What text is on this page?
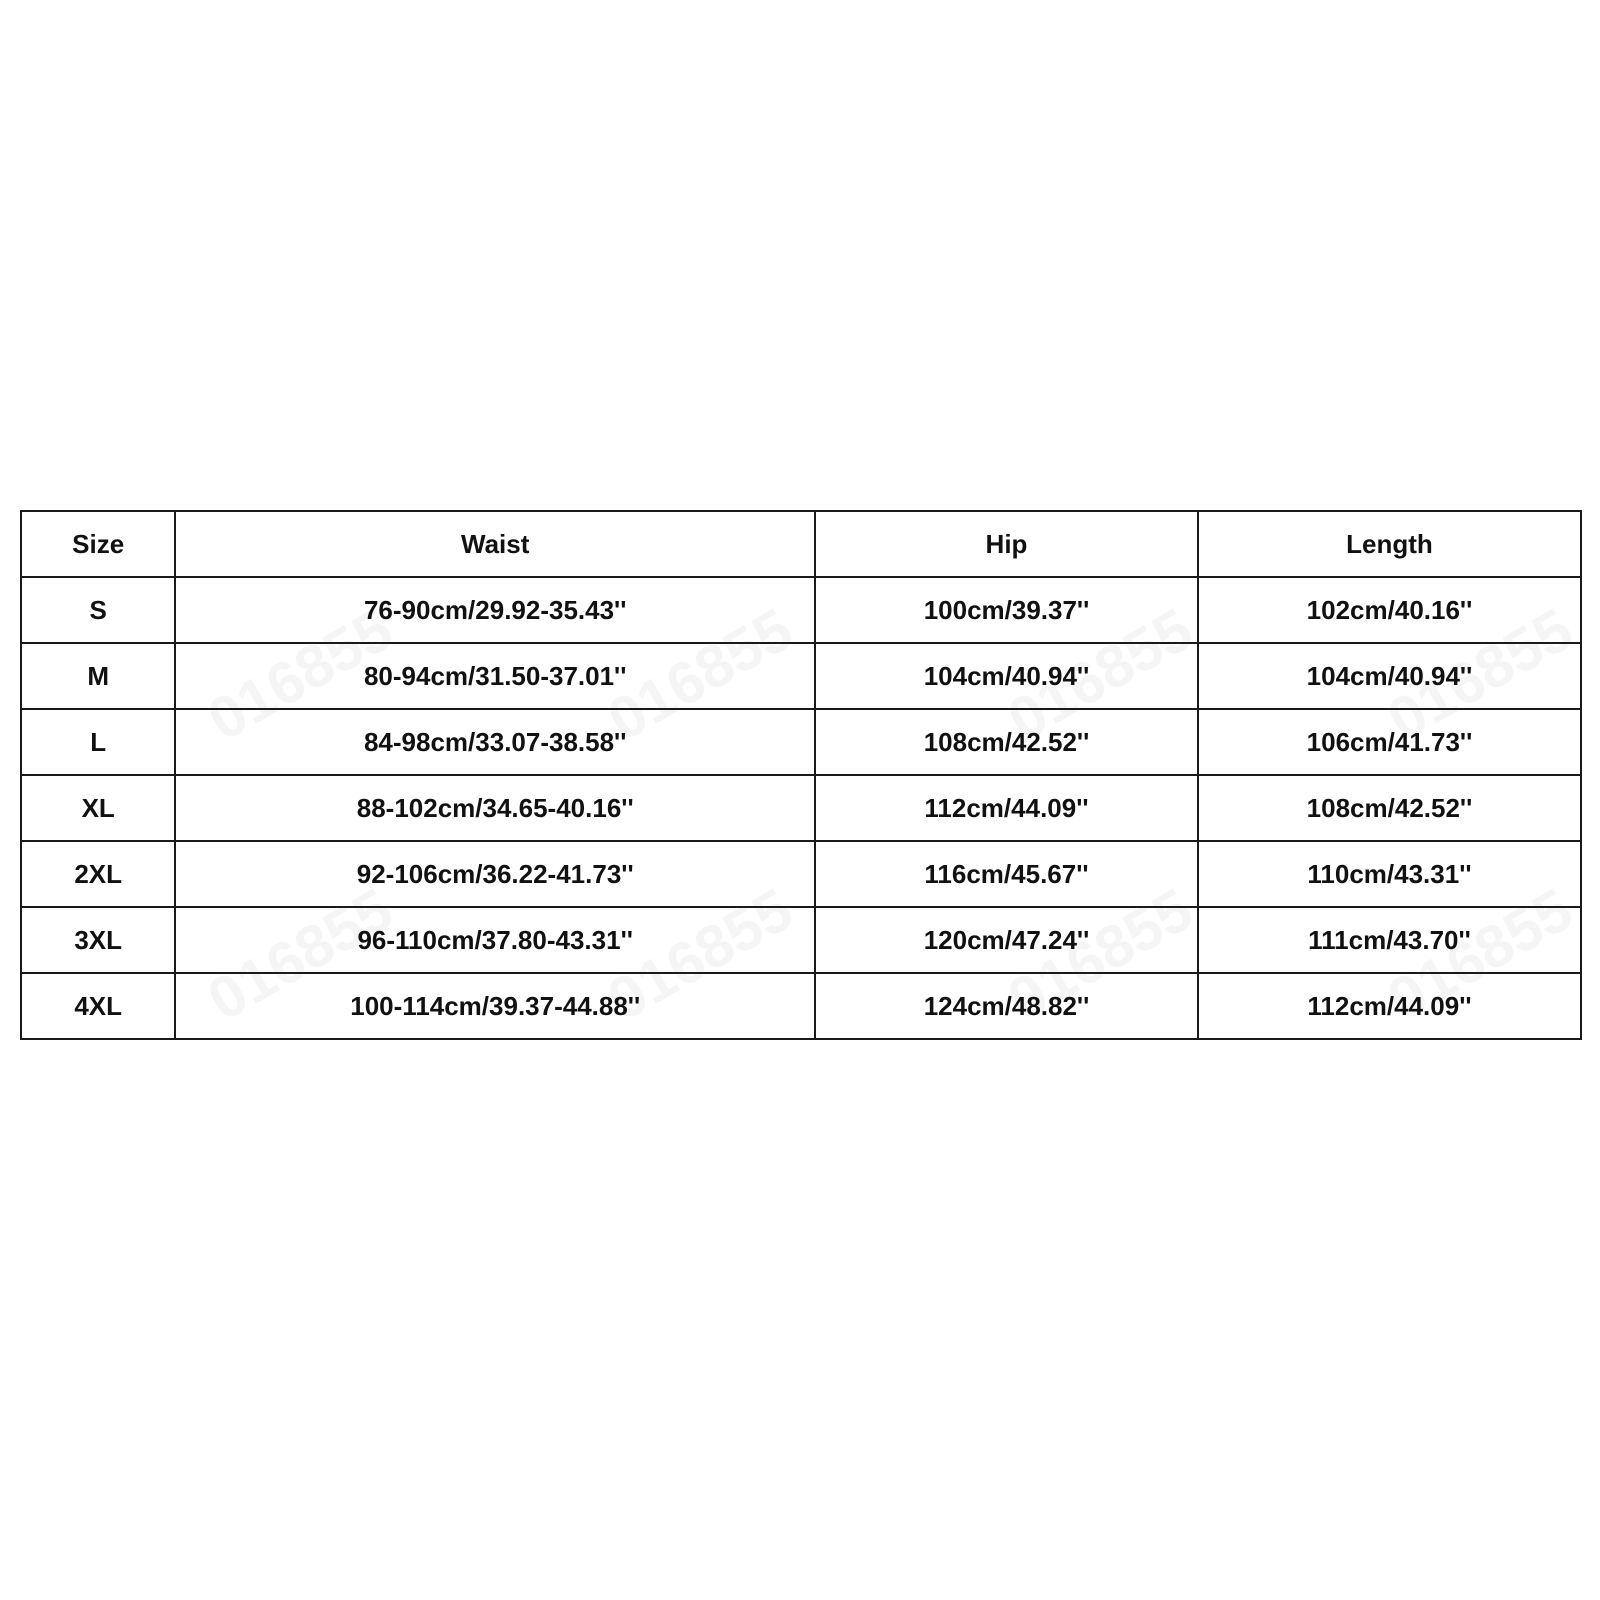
Size	Waist	Hip	Length
S	76-90cm/29.92-35.43''	100cm/39.37''	102cm/40.16''
M	80-94cm/31.50-37.01''	104cm/40.94''	104cm/40.94''
L	84-98cm/33.07-38.58''	108cm/42.52''	106cm/41.73''
XL	88-102cm/34.65-40.16''	112cm/44.09''	108cm/42.52''
2XL	92-106cm/36.22-41.73''	116cm/45.67''	110cm/43.31''
3XL	96-110cm/37.80-43.31''	120cm/47.24''	111cm/43.70''
4XL	100-114cm/39.37-44.88''	124cm/48.82''	112cm/44.09''
